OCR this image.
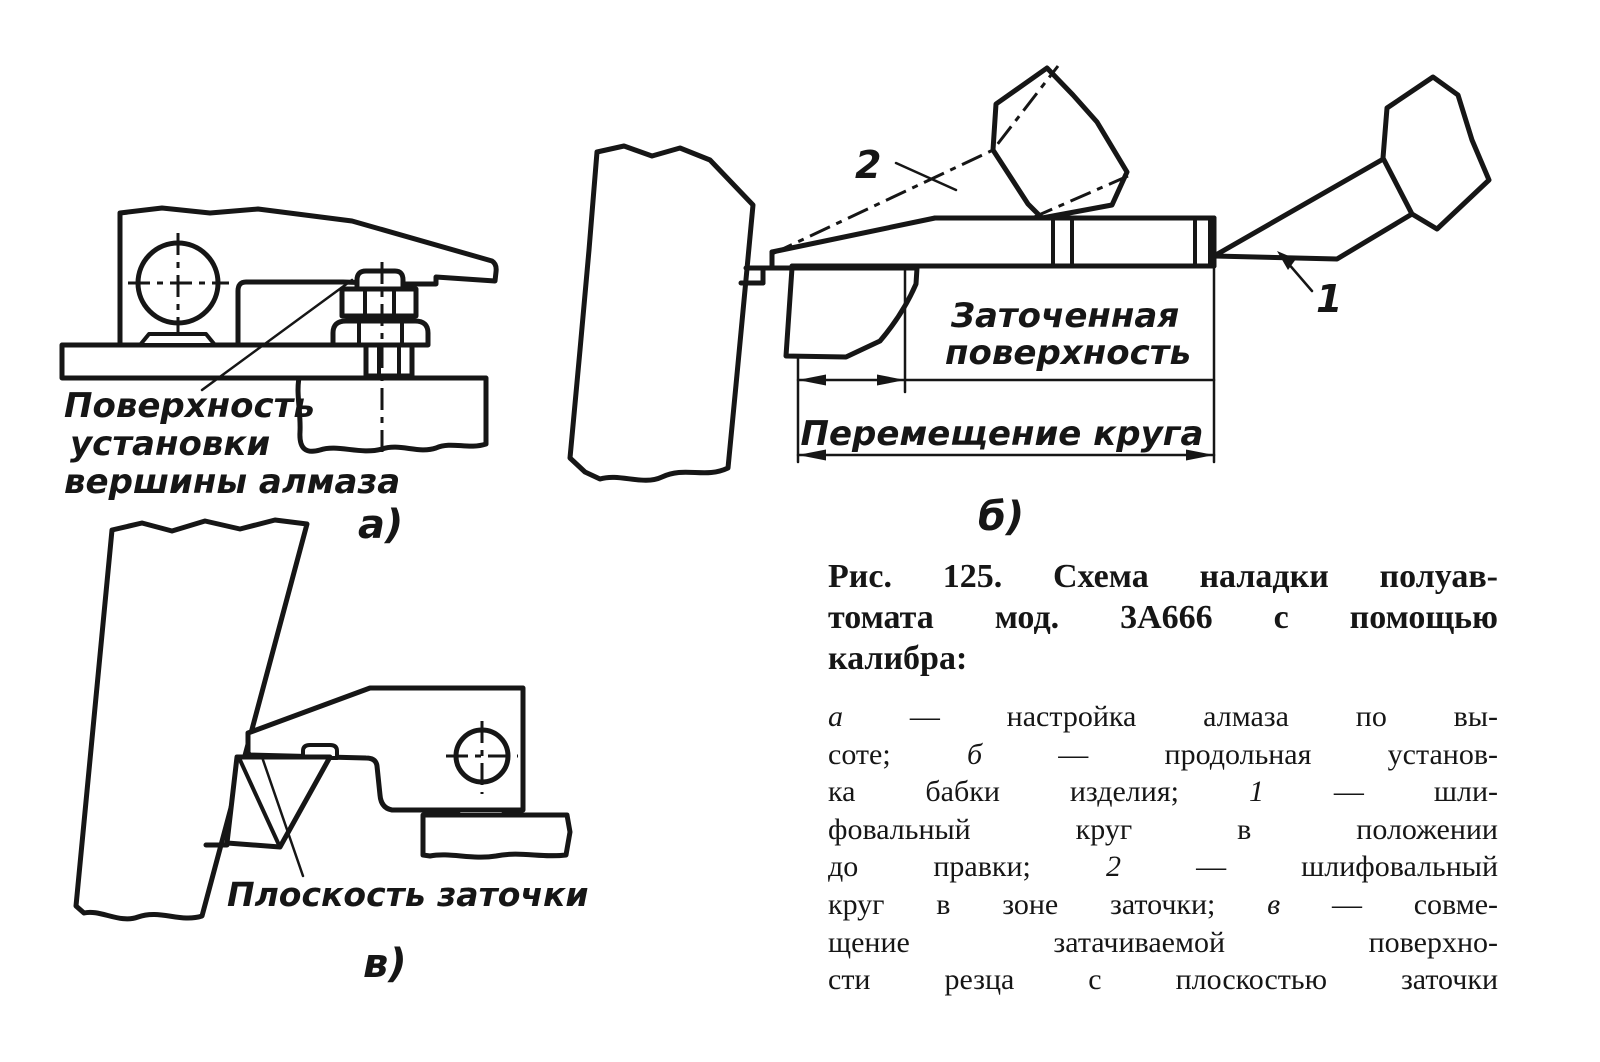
Поверхность
установки
вершины алмаза
а)
2
1
Заточенная
поверхность
Перемещение круга
б)
Плоскость заточки
в)
Рис. 125. Схема наладки полуав-
томата мод. 3А666 с помощью
калибра:
а — настройка алмаза по вы-
соте; б — продольная установ-
ка бабки изделия; 1 — шли-
фовальный круг в положении
до правки; 2 — шлифовальный
круг в зоне заточки; в — совме-
щение затачиваемой поверхно-
сти резца с плоскостью заточки
